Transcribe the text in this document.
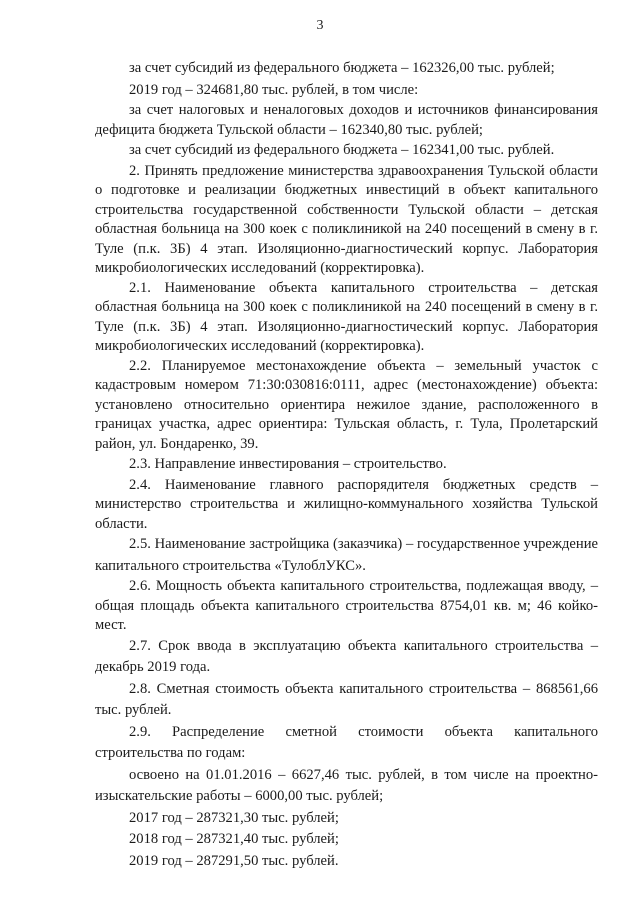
3

за счет субсидий из федерального бюджета – 162326,00 тыс. рублей;

2019 год – 324681,80 тыс. рублей, в том числе:

за счет налоговых и неналоговых доходов и источников финансирования дефицита бюджета Тульской области – 162340,80 тыс. рублей;

за счет субсидий из федерального бюджета – 162341,00 тыс. рублей.

2. Принять предложение министерства здравоохранения Тульской области о подготовке и реализации бюджетных инвестиций в объект капитального строительства государственной собственности Тульской области – детская областная больница на 300 коек с поликлиникой на 240 посещений в смену в г. Туле (п.к. 3Б) 4 этап. Изоляционно-диагностический корпус. Лаборатория микробиологических исследований (корректировка).

2.1. Наименование объекта капитального строительства – детская областная больница на 300 коек с поликлиникой на 240 посещений в смену в г. Туле (п.к. 3Б) 4 этап. Изоляционно-диагностический корпус. Лаборатория микробиологических исследований (корректировка).

2.2. Планируемое местонахождение объекта – земельный участок с кадастровым номером 71:30:030816:0111, адрес (местонахождение) объекта: установлено относительно ориентира нежилое здание, расположенного в границах участка, адрес ориентира: Тульская область, г. Тула, Пролетарский район, ул. Бондаренко, 39.

2.3. Направление инвестирования – строительство.

2.4. Наименование главного распорядителя бюджетных средств – министерство строительства и жилищно-коммунального хозяйства Тульской области.

2.5. Наименование застройщика (заказчика) – государственное учреждение капитального строительства «ТулоблУКС».

2.6. Мощность объекта капитального строительства, подлежащая вводу, – общая площадь объекта капитального строительства 8754,01 кв. м; 46 койко-мест.

2.7. Срок ввода в эксплуатацию объекта капитального строительства – декабрь 2019 года.

2.8. Сметная стоимость объекта капитального строительства – 868561,66 тыс. рублей.

2.9. Распределение сметной стоимости объекта капитального строительства по годам:

освоено на 01.01.2016 – 6627,46 тыс. рублей, в том числе на проектно-изыскательские работы – 6000,00 тыс. рублей;

2017 год – 287321,30 тыс. рублей;

2018 год – 287321,40 тыс. рублей;

2019 год – 287291,50 тыс. рублей.
